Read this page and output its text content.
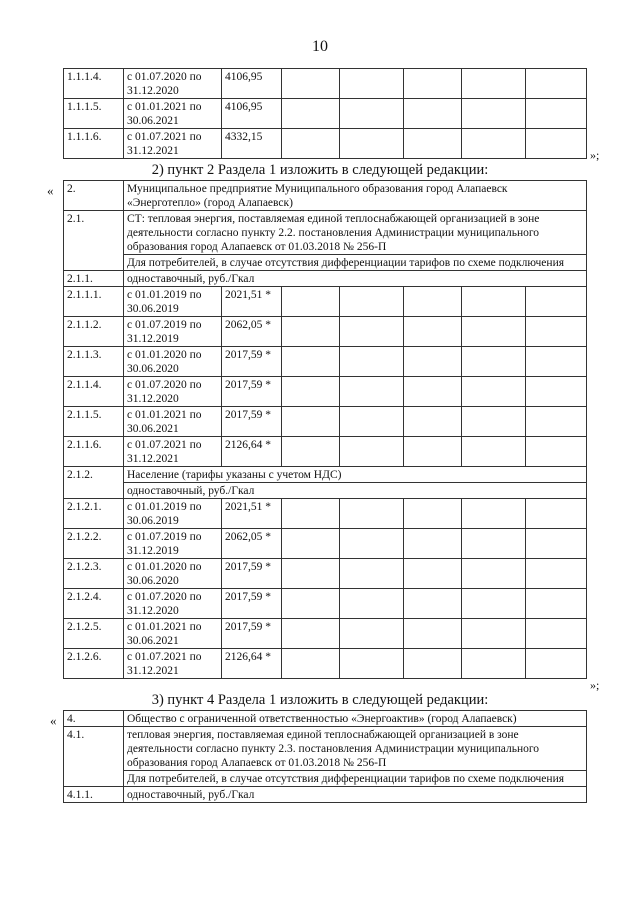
10
1.1.1.4.	с 01.07.2020 по 31.12.2020	4106,95					
1.1.1.5.	с 01.01.2021 по 30.06.2021	4106,95					
1.1.1.6.	с 01.07.2021 по 31.12.2021	4332,15					
»;
2) пункт 2 Раздела 1 изложить в следующей редакции:
« 2.	Муниципальное предприятие Муниципального образования город Алапаевск «Энерготепло» (город Алапаевск)						
2.1.	СТ: тепловая энергия, поставляемая единой теплоснабжающей организацией в зоне деятельности согласно пункту 2.2. постановления Администрации муниципального образования город Алапаевск от 01.03.2018 № 256-П						
	Для потребителей, в случае отсутствия дифференциации тарифов по схеме подключения						
2.1.1.	одноставочный, руб./Гкал						
2.1.1.1.	с 01.01.2019 по 30.06.2019	2021,51 *					
2.1.1.2.	с 01.07.2019 по 31.12.2019	2062,05 *					
2.1.1.3.	с 01.01.2020 по 30.06.2020	2017,59 *					
2.1.1.4.	с 01.07.2020 по 31.12.2020	2017,59 *					
2.1.1.5.	с 01.01.2021 по 30.06.2021	2017,59 *					
2.1.1.6.	с 01.07.2021 по 31.12.2021	2126,64 *					
2.1.2.	Население (тарифы указаны с учетом НДС)						
	одноставочный, руб./Гкал						
2.1.2.1.	с 01.01.2019 по 30.06.2019	2021,51 *					
2.1.2.2.	с 01.07.2019 по 31.12.2019	2062,05 *					
2.1.2.3.	с 01.01.2020 по 30.06.2020	2017,59 *					
2.1.2.4.	с 01.07.2020 по 31.12.2020	2017,59 *					
2.1.2.5.	с 01.01.2021 по 30.06.2021	2017,59 *					
2.1.2.6.	с 01.07.2021 по 31.12.2021	2126,64 *					
»;
3) пункт 4 Раздела 1 изложить в следующей редакции:
« 4.	Общество с ограниченной ответственностью «Энергоактив» (город Алапаевск)
4.1.	тепловая энергия, поставляемая единой теплоснабжающей организацией в зоне деятельности согласно пункту 2.3. постановления Администрации муниципального образования город Алапаевск от 01.03.2018 № 256-П
	Для потребителей, в случае отсутствия дифференциации тарифов по схеме подключения
4.1.1.	одноставочный, руб./Гкал
